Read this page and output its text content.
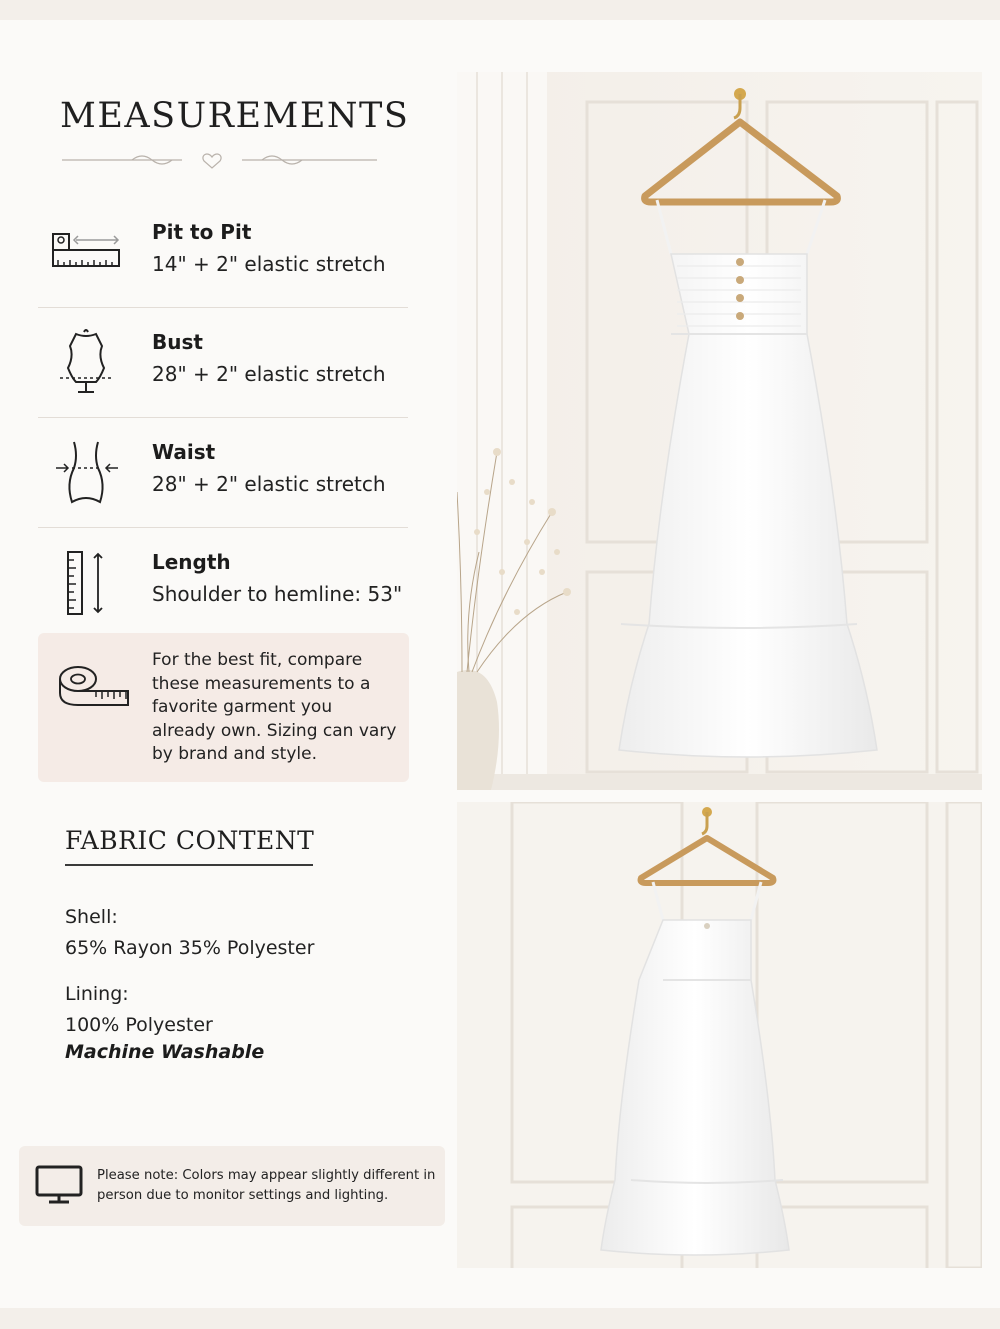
MEASUREMENTS
Pit to Pit
14" + 2" elastic stretch
Bust
28" + 2" elastic stretch
Waist
28" + 2" elastic stretch
Length
Shoulder to hemline: 53"
For the best fit, compare these measurements to a favorite garment you already own. Sizing can vary by brand and style.
FABRIC CONTENT
Shell:
65% Rayon 35% Polyester
Lining:
100% Polyester
Machine Washable
Please note: Colors may appear slightly different in person due to monitor settings and lighting.
